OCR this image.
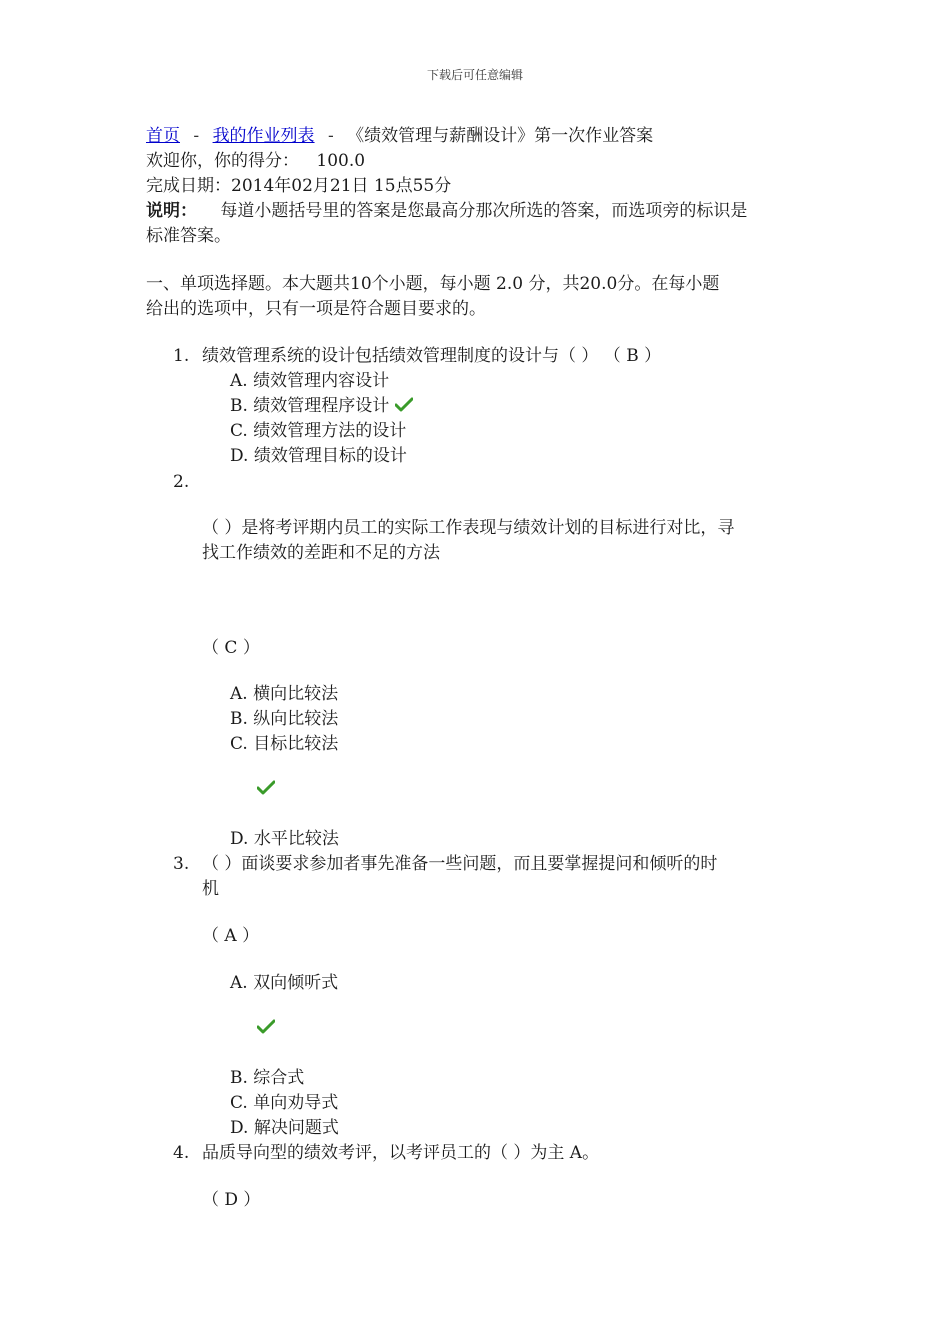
下载后可任意编辑
首页 - 我的作业列表 - 《绩效管理与薪酬设计》第一次作业答案
欢迎你，你的得分： 100.0
完成日期：2014年02月21日 15点55分
说明： 每道小题括号里的答案是您最高分那次所选的答案，而选项旁的标识是
标准答案。
一、单项选择题。本大题共10个小题，每小题 2.0 分，共20.0分。在每小题
给出的选项中，只有一项是符合题目要求的。
1. 绩效管理系统的设计包括绩效管理制度的设计与（ ） （ B ）
A. 绩效管理内容设计
B. 绩效管理程序设计
C. 绩效管理方法的设计
D. 绩效管理目标的设计
2.
（ ）是将考评期内员工的实际工作表现与绩效计划的目标进行对比，寻
找工作绩效的差距和不足的方法
（ C ）
A. 横向比较法
B. 纵向比较法
C. 目标比较法
D. 水平比较法
3. （ ）面谈要求参加者事先准备一些问题，而且要掌握提问和倾听的时
机
（ A ）
A. 双向倾听式
B. 综合式
C. 单向劝导式
D. 解决问题式
4. 品质导向型的绩效考评，以考评员工的（ ）为主 A。
（ D ）
